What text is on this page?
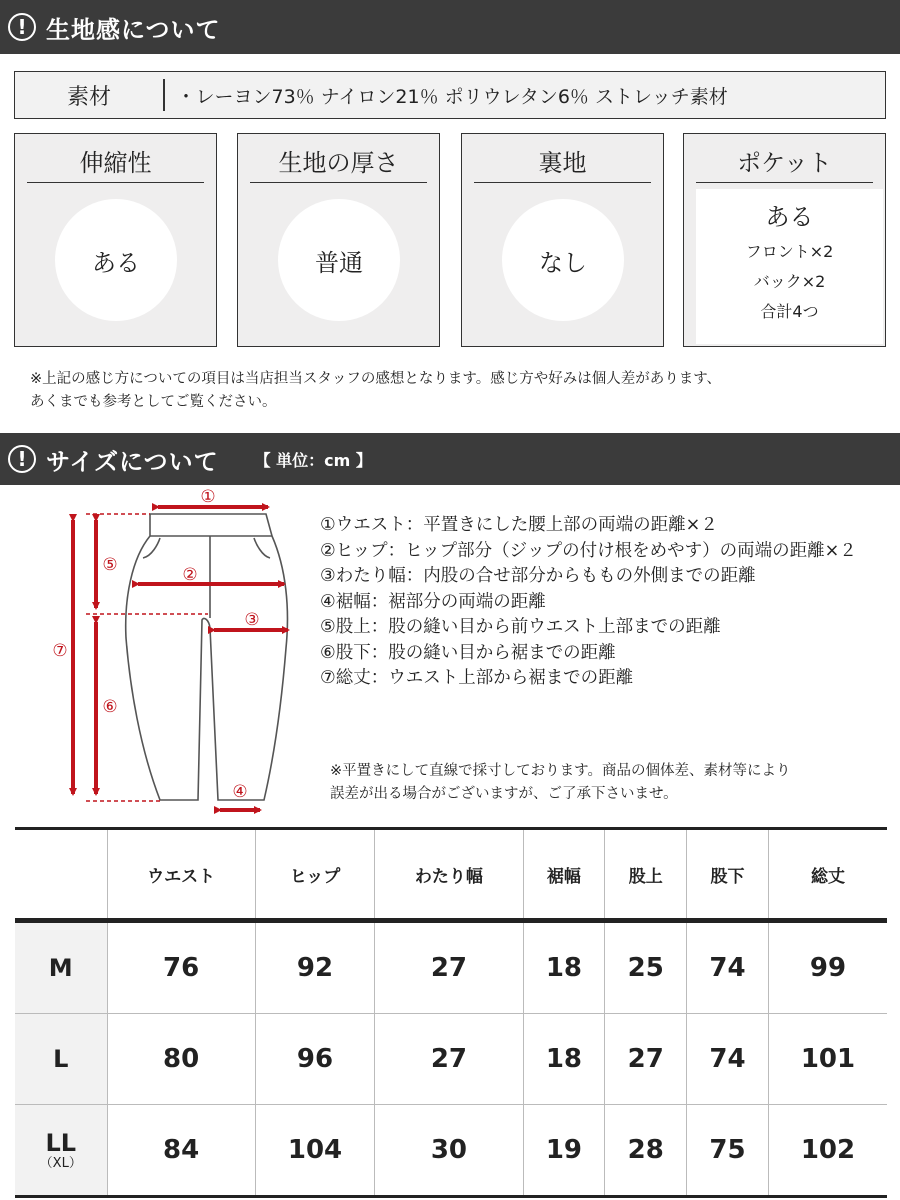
! 生地感について
素材	・レーヨン73％ ナイロン21％ ポリウレタン6％ ストレッチ素材
伸縮性
ある
生地の厚さ
普通
裏地
なし
ポケット
ある
フロント×2
バック×2
合計4つ
※上記の感じ方についての項目は当店担当スタッフの感想となります。感じ方や好みは個人差があります、
あくまでも参考としてご覧ください。
! サイズについて 【 単位：cm 】
①
②
③
④
⑤
⑥
⑦
①ウエスト：平置きにした腰上部の両端の距離×２
②ヒップ：ヒップ部分（ジップの付け根をめやす）の両端の距離×２
③わたり幅：内股の合せ部分からももの外側までの距離
④裾幅：裾部分の両端の距離
⑤股上：股の縫い目から前ウエスト上部までの距離
⑥股下：股の縫い目から裾までの距離
⑦総丈：ウエスト上部から裾までの距離
※平置きにして直線で採寸しております。商品の個体差、素材等により
誤差が出る場合がございますが、ご了承下さいませ。
	ウエスト	ヒップ	わたり幅	裾幅	股上	股下	総丈
M	76	92	27	18	25	74	99
L	80	96	27	18	27	74	101
LL
（XL）	84	104	30	19	28	75	102
